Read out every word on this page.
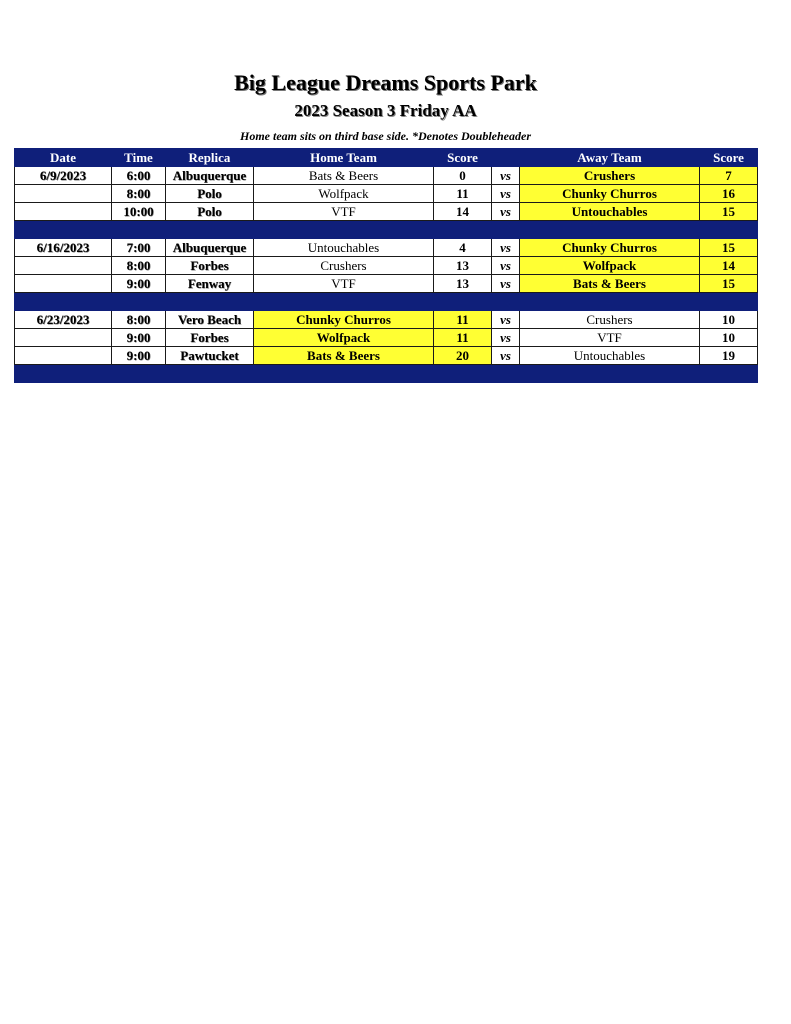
Big League Dreams Sports Park
2023 Season 3 Friday AA
Home team sits on third base side. *Denotes Doubleheader
Date	Time	Replica	Home Team	Score		Away Team	Score
6/9/2023	6:00	Albuquerque	Bats & Beers	0	vs	Crushers	7
	8:00	Polo	Wolfpack	11	vs	Chunky Churros	16
	10:00	Polo	VTF	14	vs	Untouchables	15

6/16/2023	7:00	Albuquerque	Untouchables	4	vs	Chunky Churros	15
	8:00	Forbes	Crushers	13	vs	Wolfpack	14
	9:00	Fenway	VTF	13	vs	Bats & Beers	15

6/23/2023	8:00	Vero Beach	Chunky Churros	11	vs	Crushers	10
	9:00	Forbes	Wolfpack	11	vs	VTF	10
	9:00	Pawtucket	Bats & Beers	20	vs	Untouchables	19
